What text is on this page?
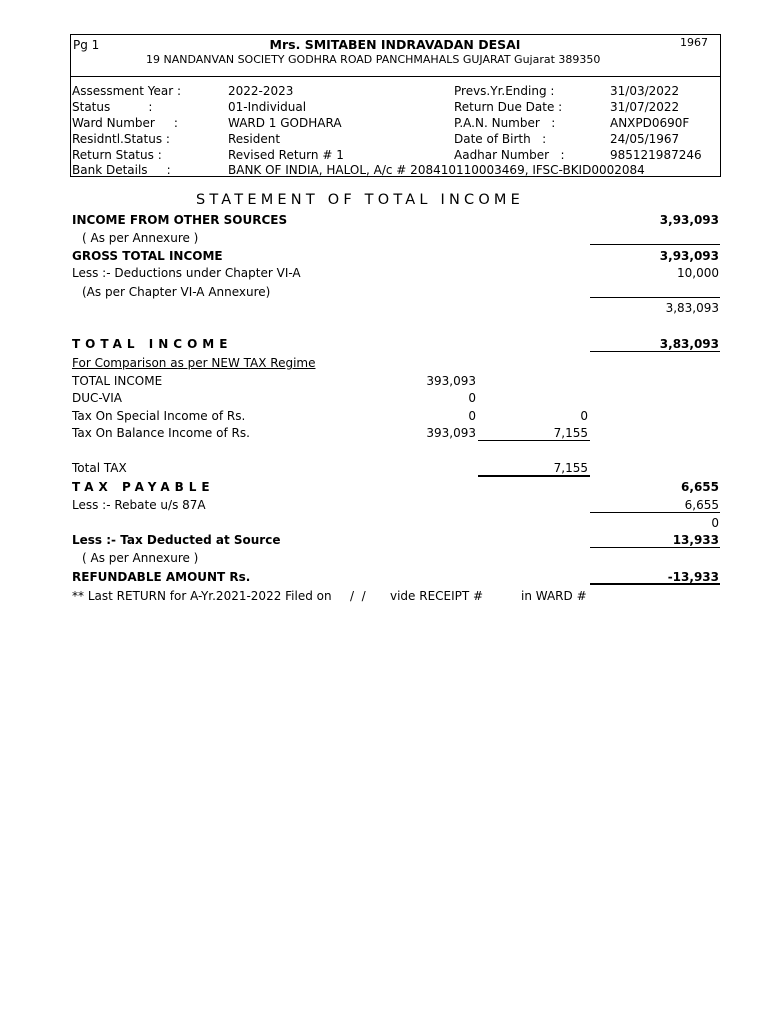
Pg 1	Mrs. SMITABEN INDRAVADAN DESAI	1967
19 NANDANVAN SOCIETY GODHRA ROAD PANCHMAHALS GUJARAT Gujarat 389350
Assessment Year :	2022-2023	Prevs.Yr.Ending :	31/03/2022
Status          :	01-Individual	Return Due Date :	31/07/2022
Ward Number     :	WARD 1 GODHARA	P.A.N. Number   :	ANXPD0690F
Residntl.Status :	Resident	Date of Birth   :	24/05/1967
Return Status :	Revised Return # 1	Aadhar Number   :	985121987246
Bank Details     :	BANK OF INDIA, HALOL, A/c # 208410110003469, IFSC-BKID0002084
STATEMENT OF TOTAL INCOME
INCOME FROM OTHER SOURCES	3,93,093
( As per Annexure )
GROSS TOTAL INCOME	3,93,093
Less :- Deductions under Chapter VI-A	10,000
(As per Chapter VI-A Annexure)
3,83,093
TOTAL INCOME	3,83,093
For Comparison as per NEW TAX Regime
TOTAL INCOME	393,093
DUC-VIA	0
Tax On Special Income of Rs.	0	0
Tax On Balance Income of Rs.	393,093	7,155
Total TAX	7,155
TAX PAYABLE	6,655
Less :- Rebate u/s 87A	6,655
0
Less :- Tax Deducted at Source	13,933
( As per Annexure )
REFUNDABLE AMOUNT Rs.	-13,933
** Last RETURN for A-Yr.2021-2022 Filed on /  / vide RECEIPT #	in WARD #
